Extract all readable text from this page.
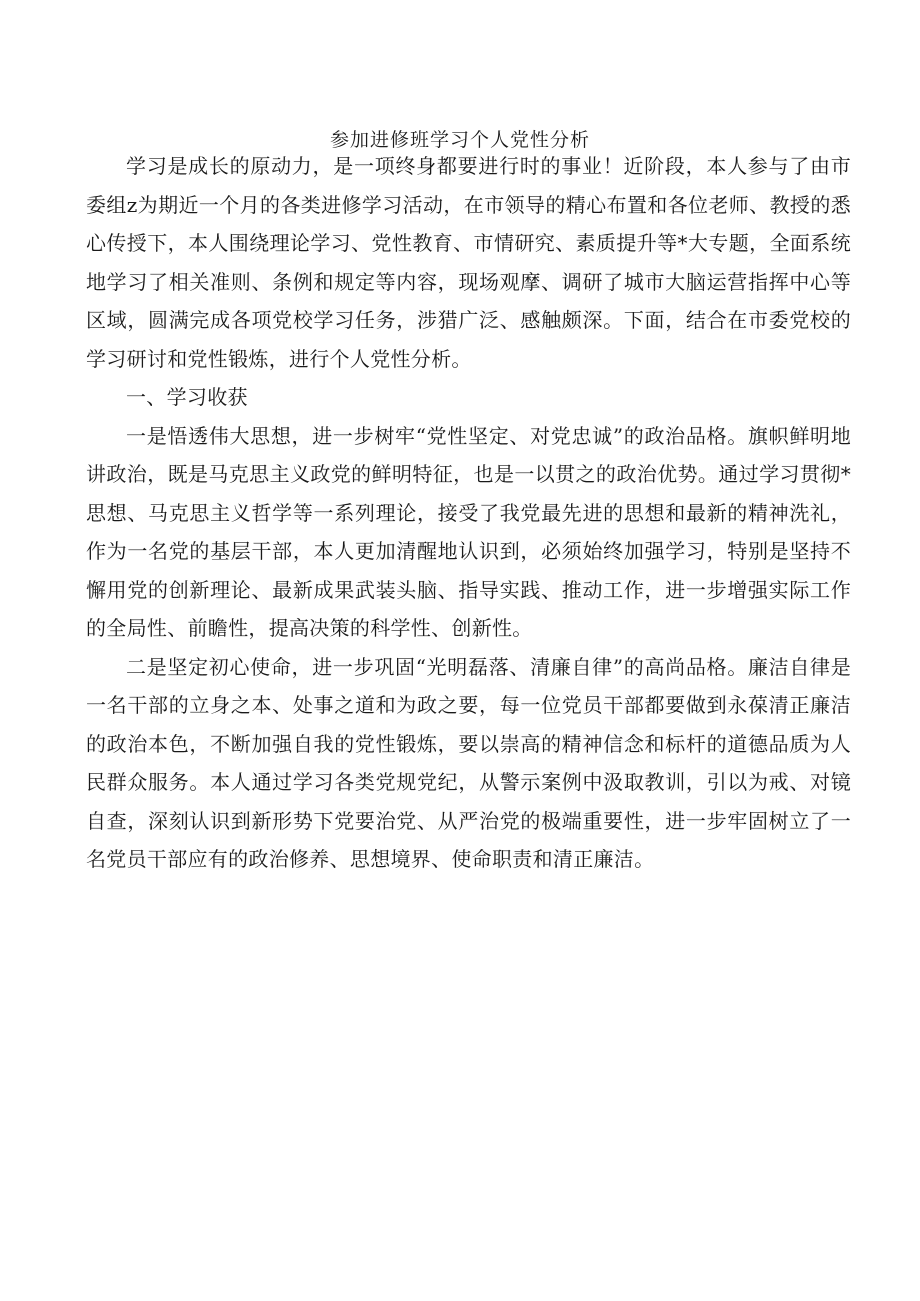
参加进修班学习个人党性分析

学习是成长的原动力，是一项终身都要进行时的事业！近阶段，本人参与了由市委组z为期近一个月的各类进修学习活动，在市领导的精心布置和各位老师、教授的悉心传授下，本人围绕理论学习、党性教育、市情研究、素质提升等*大专题，全面系统地学习了相关准则、条例和规定等内容，现场观摩、调研了城市大脑运营指挥中心等区域，圆满完成各项党校学习任务，涉猎广泛、感触颇深。下面，结合在市委党校的学习研讨和党性锻炼，进行个人党性分析。

一、学习收获

一是悟透伟大思想，进一步树牢“党性坚定、对党忠诚”的政治品格。旗帜鲜明地讲政治，既是马克思主义政党的鲜明特征，也是一以贯之的政治优势。通过学习贯彻*思想、马克思主义哲学等一系列理论，接受了我党最先进的思想和最新的精神洗礼，作为一名党的基层干部，本人更加清醒地认识到，必须始终加强学习，特别是坚持不懈用党的创新理论、最新成果武装头脑、指导实践、推动工作，进一步增强实际工作的全局性、前瞻性，提高决策的科学性、创新性。

二是坚定初心使命，进一步巩固“光明磊落、清廉自律”的高尚品格。廉洁自律是一名干部的立身之本、处事之道和为政之要，每一位党员干部都要做到永葆清正廉洁的政治本色，不断加强自我的党性锻炼，要以崇高的精神信念和标杆的道德品质为人民群众服务。本人通过学习各类党规党纪，从警示案例中汲取教训，引以为戒、对镜自查，深刻认识到新形势下党要治党、从严治党的极端重要性，进一步牢固树立了一名党员干部应有的政治修养、思想境界、使命职责和清正廉洁。
